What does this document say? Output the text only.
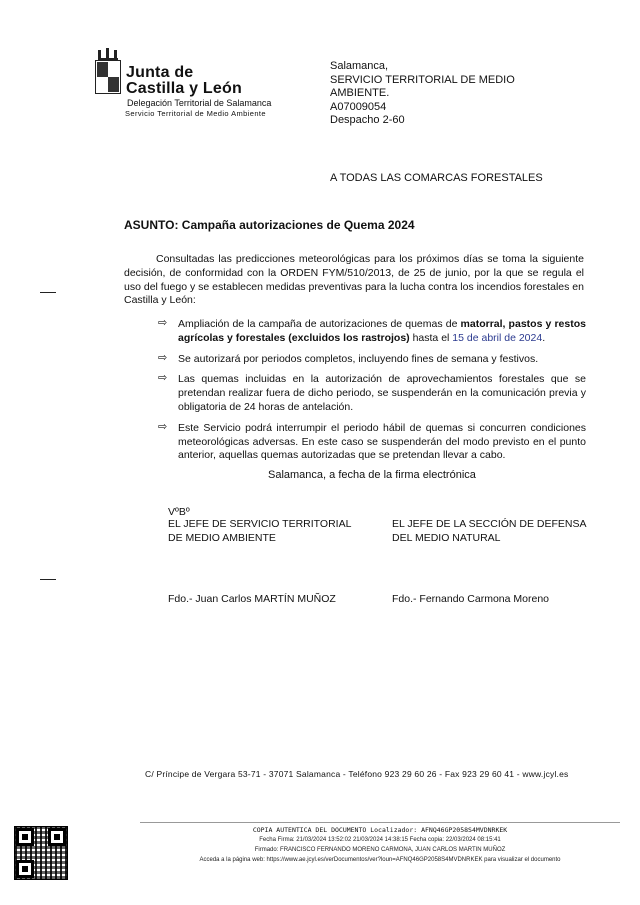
Junta de
Castilla y León
Delegación Territorial de Salamanca
Servicio Territorial de Medio Ambiente
Salamanca,
SERVICIO TERRITORIAL DE MEDIO
AMBIENTE.
A07009054
Despacho 2-60
A TODAS LAS COMARCAS FORESTALES
ASUNTO: Campaña autorizaciones de Quema 2024
Consultadas las predicciones meteorológicas para los próximos días se toma la siguiente decisión, de conformidad con la ORDEN FYM/510/2013, de 25 de junio, por la que se regula el uso del fuego y se establecen medidas preventivas para la lucha contra los incendios forestales en Castilla y León:
⇨ Ampliación de la campaña de autorizaciones de quemas de matorral, pastos y restos agrícolas y forestales (excluidos los rastrojos) hasta el 15 de abril de 2024.
⇨ Se autorizará por periodos completos, incluyendo fines de semana y festivos.
⇨ Las quemas incluidas en la autorización de aprovechamientos forestales que se pretendan realizar fuera de dicho periodo, se suspenderán en la comunicación previa y obligatoria de 24 horas de antelación.
⇨ Este Servicio podrá interrumpir el periodo hábil de quemas si concurren condiciones meteorológicas adversas. En este caso se suspenderán del modo previsto en el punto anterior, aquellas quemas autorizadas que se pretendan llevar a cabo.
Salamanca, a fecha de la firma electrónica
VºBº
EL JEFE DE SERVICIO TERRITORIAL DE MEDIO AMBIENTE
EL JEFE DE LA SECCIÓN DE DEFENSA DEL MEDIO NATURAL
Fdo.- Juan Carlos MARTÍN MUÑOZ	Fdo.- Fernando Carmona Moreno
C/ Príncipe de Vergara 53-71 - 37071 Salamanca - Teléfono 923 29 60 26 - Fax 923 29 60 41 - www.jcyl.es
COPIA AUTENTICA DEL DOCUMENTO Localizador: AFNQ46GP2058S4MVDNRKEK
Fecha Firma: 21/03/2024 13:52:02 21/03/2024 14:38:15 Fecha copia: 22/03/2024 08:15:41
Firmado: FRANCISCO FERNANDO MORENO CARMONA, JUAN CARLOS MARTIN MUÑOZ
Acceda a la página web: https://www.ae.jcyl.es/verDocumentos/ver?loun=AFNQ46GP2058S4MVDNRKEK para visualizar el documento
